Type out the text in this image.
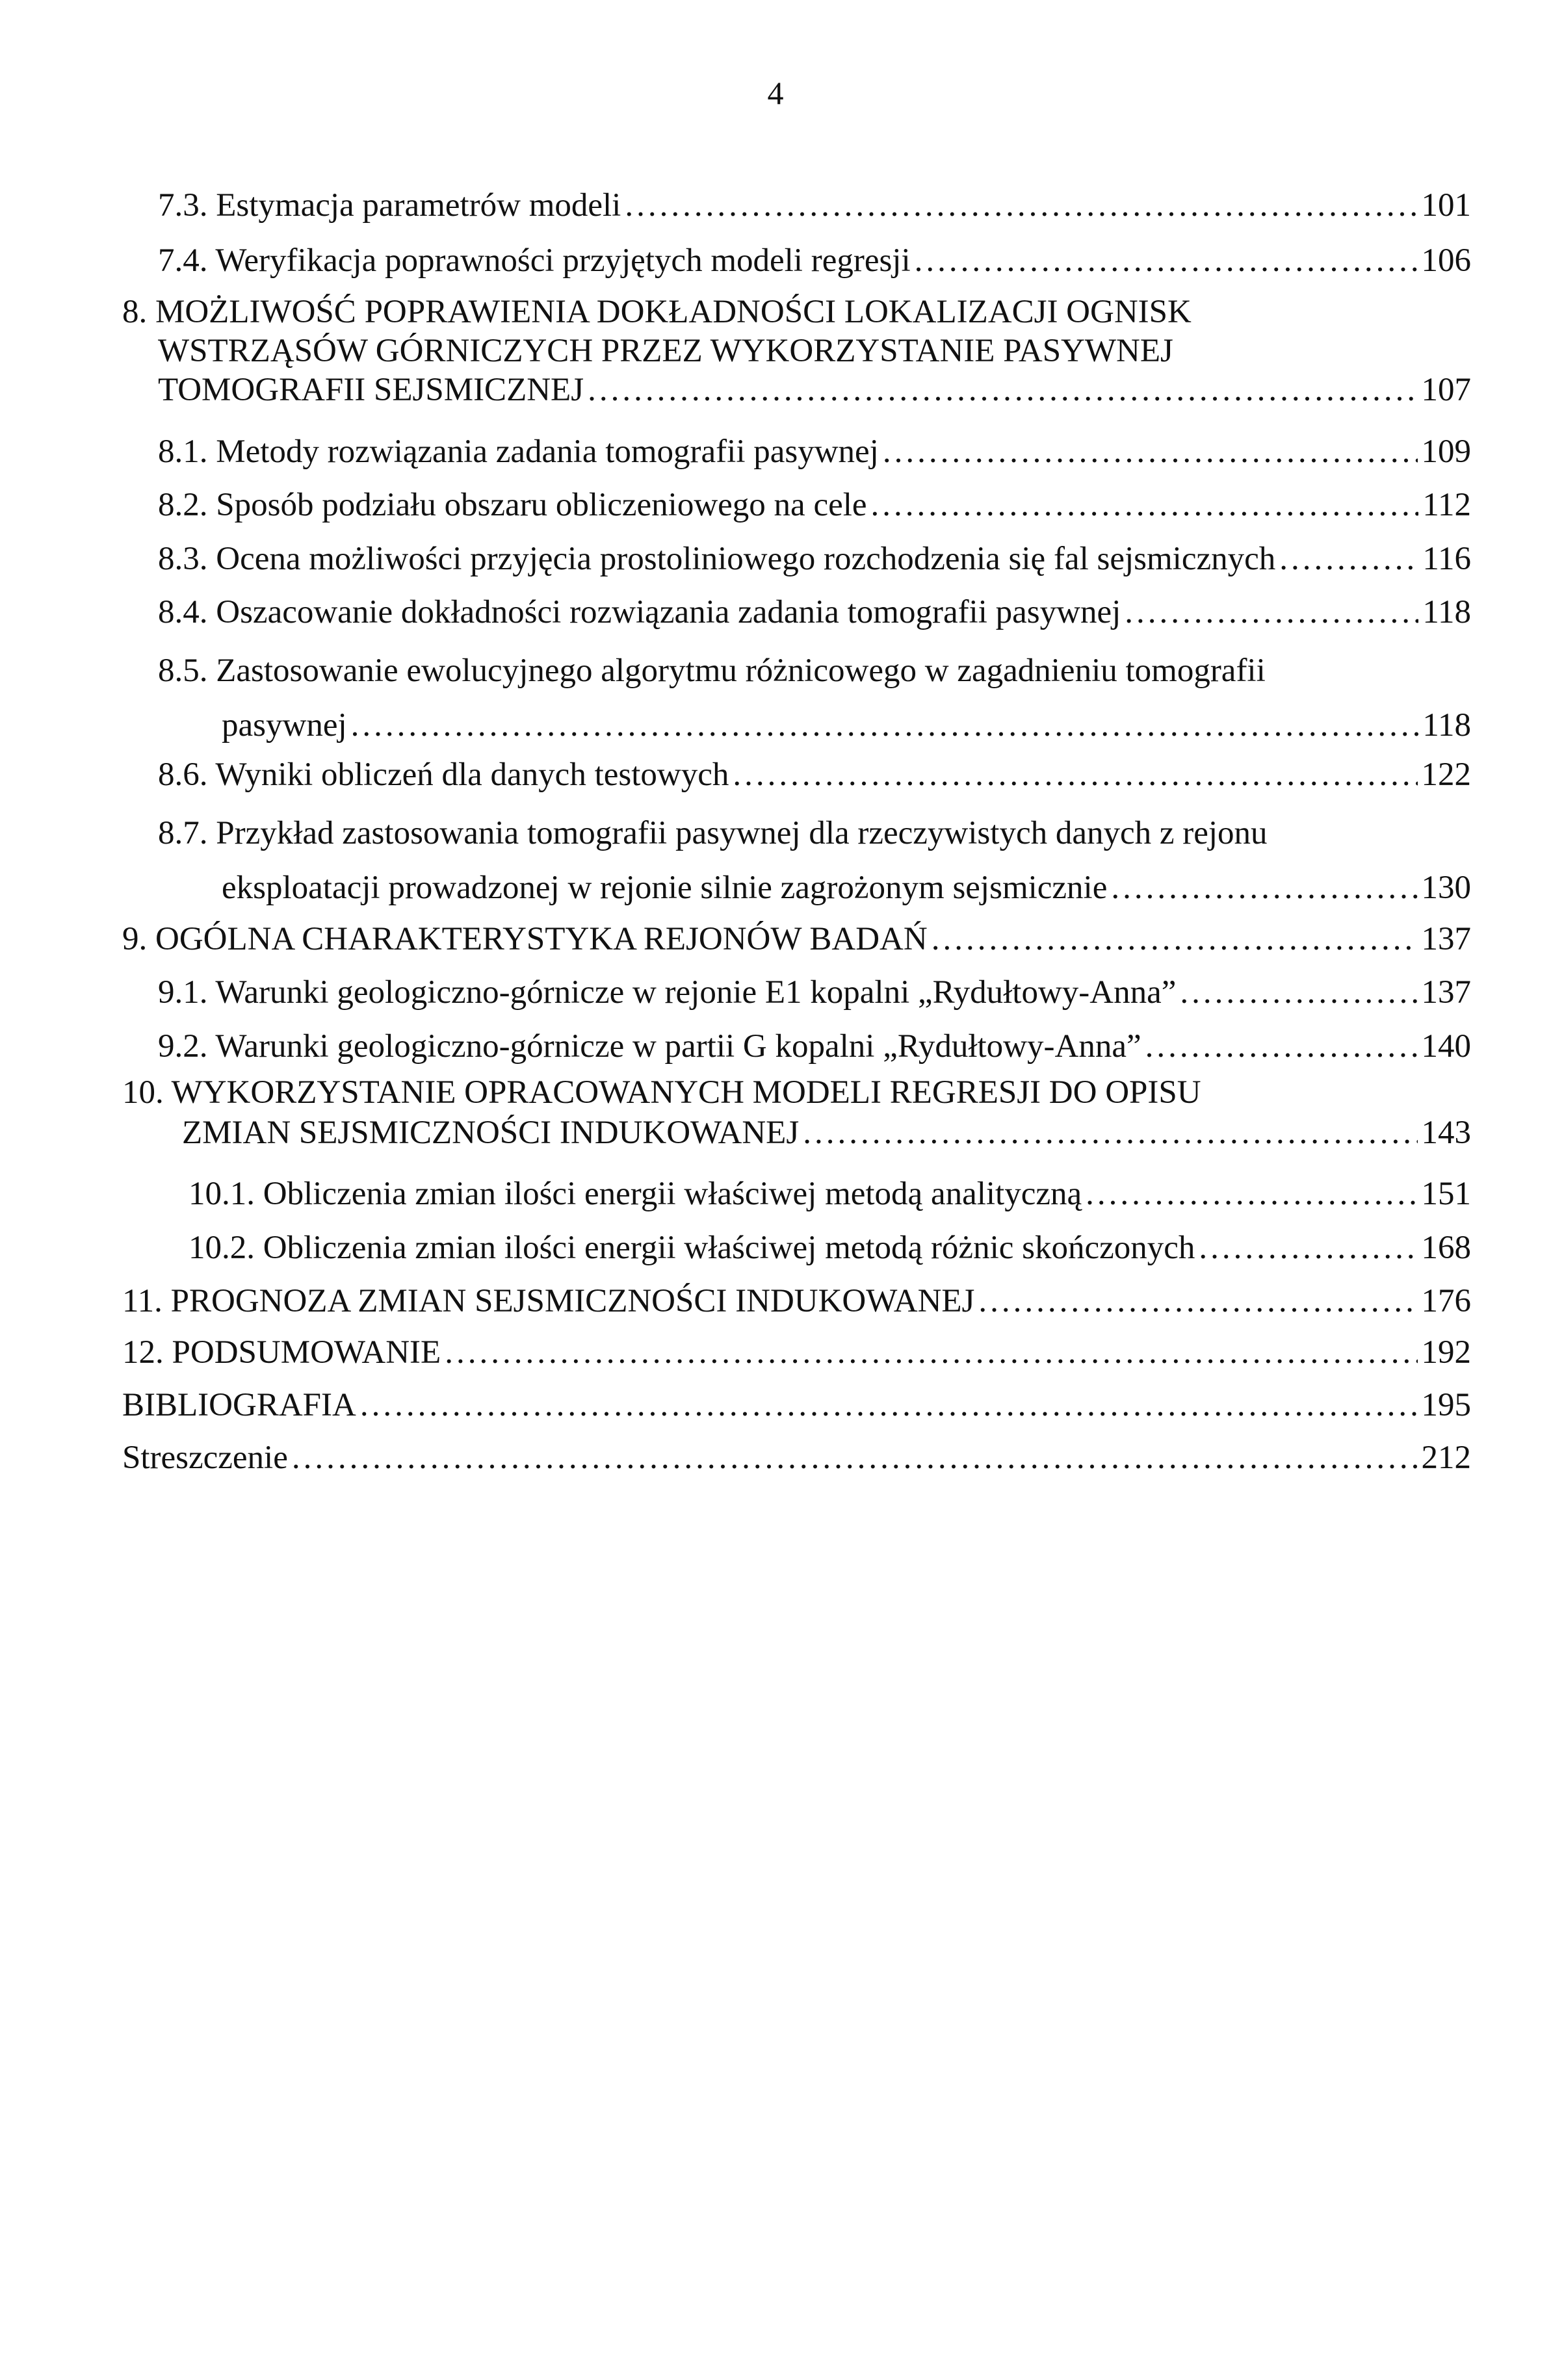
4
7.3. Estymacja parametrów modeli .....	101
7.4. Weryfikacja poprawności przyjętych modeli regresji .....	106
8. MOŻLIWOŚĆ POPRAWIENIA DOKŁADNOŚCI LOKALIZACJI OGNISK
WSTRZĄSÓW GÓRNICZYCH PRZEZ WYKORZYSTANIE PASYWNEJ
TOMOGRAFII SEJSMICZNEJ .....	107
8.1. Metody rozwiązania zadania tomografii pasywnej .....	109
8.2. Sposób podziału obszaru obliczeniowego na cele .....	112
8.3. Ocena możliwości przyjęcia prostoliniowego rozchodzenia się fal sejsmicznych .....	116
8.4. Oszacowanie dokładności rozwiązania zadania tomografii pasywnej .....	118
8.5. Zastosowanie ewolucyjnego algorytmu różnicowego w zagadnieniu tomografii
pasywnej .....	118
8.6. Wyniki obliczeń dla danych testowych .....	122
8.7. Przykład zastosowania tomografii pasywnej dla rzeczywistych danych z rejonu
eksploatacji prowadzonej w rejonie silnie zagrożonym sejsmicznie .....	130
9. OGÓLNA CHARAKTERYSTYKA REJONÓW BADAŃ .....	137
9.1. Warunki geologiczno-górnicze w rejonie E1 kopalni „Rydułtowy-Anna” .....	137
9.2. Warunki geologiczno-górnicze w partii G kopalni „Rydułtowy-Anna” .....	140
10. WYKORZYSTANIE OPRACOWANYCH MODELI REGRESJI DO OPISU
ZMIAN SEJSMICZNOŚCI INDUKOWANEJ .....	143
10.1. Obliczenia zmian ilości energii właściwej metodą analityczną .....	151
10.2. Obliczenia zmian ilości energii właściwej metodą różnic skończonych .....	168
11. PROGNOZA ZMIAN SEJSMICZNOŚCI INDUKOWANEJ .....	176
12. PODSUMOWANIE .....	192
BIBLIOGRAFIA .....	195
Streszczenie .....	212
